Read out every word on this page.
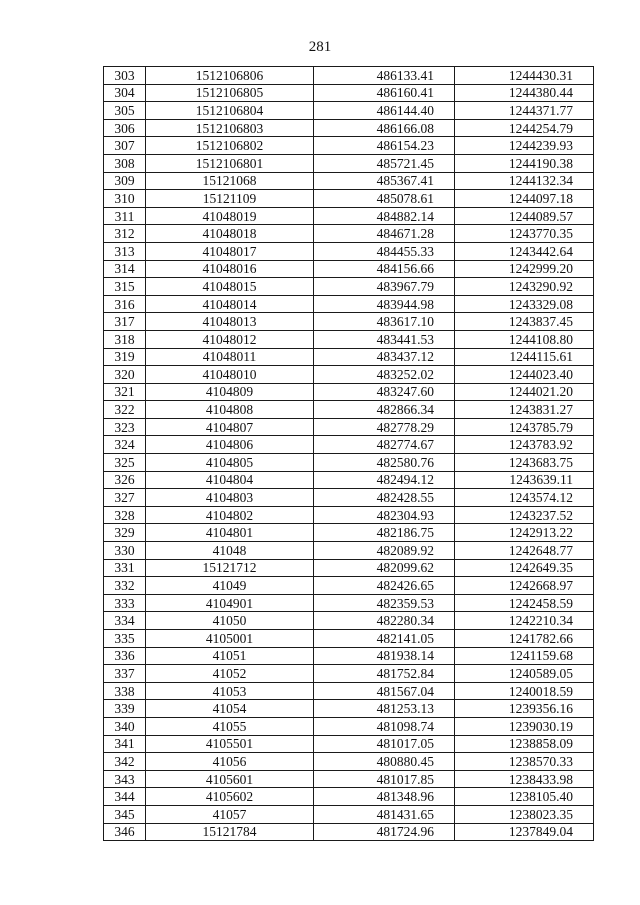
281
303	1512106806	486133.41	1244430.31
304	1512106805	486160.41	1244380.44
305	1512106804	486144.40	1244371.77
306	1512106803	486166.08	1244254.79
307	1512106802	486154.23	1244239.93
308	1512106801	485721.45	1244190.38
309	15121068	485367.41	1244132.34
310	15121109	485078.61	1244097.18
311	41048019	484882.14	1244089.57
312	41048018	484671.28	1243770.35
313	41048017	484455.33	1243442.64
314	41048016	484156.66	1242999.20
315	41048015	483967.79	1243290.92
316	41048014	483944.98	1243329.08
317	41048013	483617.10	1243837.45
318	41048012	483441.53	1244108.80
319	41048011	483437.12	1244115.61
320	41048010	483252.02	1244023.40
321	4104809	483247.60	1244021.20
322	4104808	482866.34	1243831.27
323	4104807	482778.29	1243785.79
324	4104806	482774.67	1243783.92
325	4104805	482580.76	1243683.75
326	4104804	482494.12	1243639.11
327	4104803	482428.55	1243574.12
328	4104802	482304.93	1243237.52
329	4104801	482186.75	1242913.22
330	41048	482089.92	1242648.77
331	15121712	482099.62	1242649.35
332	41049	482426.65	1242668.97
333	4104901	482359.53	1242458.59
334	41050	482280.34	1242210.34
335	4105001	482141.05	1241782.66
336	41051	481938.14	1241159.68
337	41052	481752.84	1240589.05
338	41053	481567.04	1240018.59
339	41054	481253.13	1239356.16
340	41055	481098.74	1239030.19
341	4105501	481017.05	1238858.09
342	41056	480880.45	1238570.33
343	4105601	481017.85	1238433.98
344	4105602	481348.96	1238105.40
345	41057	481431.65	1238023.35
346	15121784	481724.96	1237849.04
